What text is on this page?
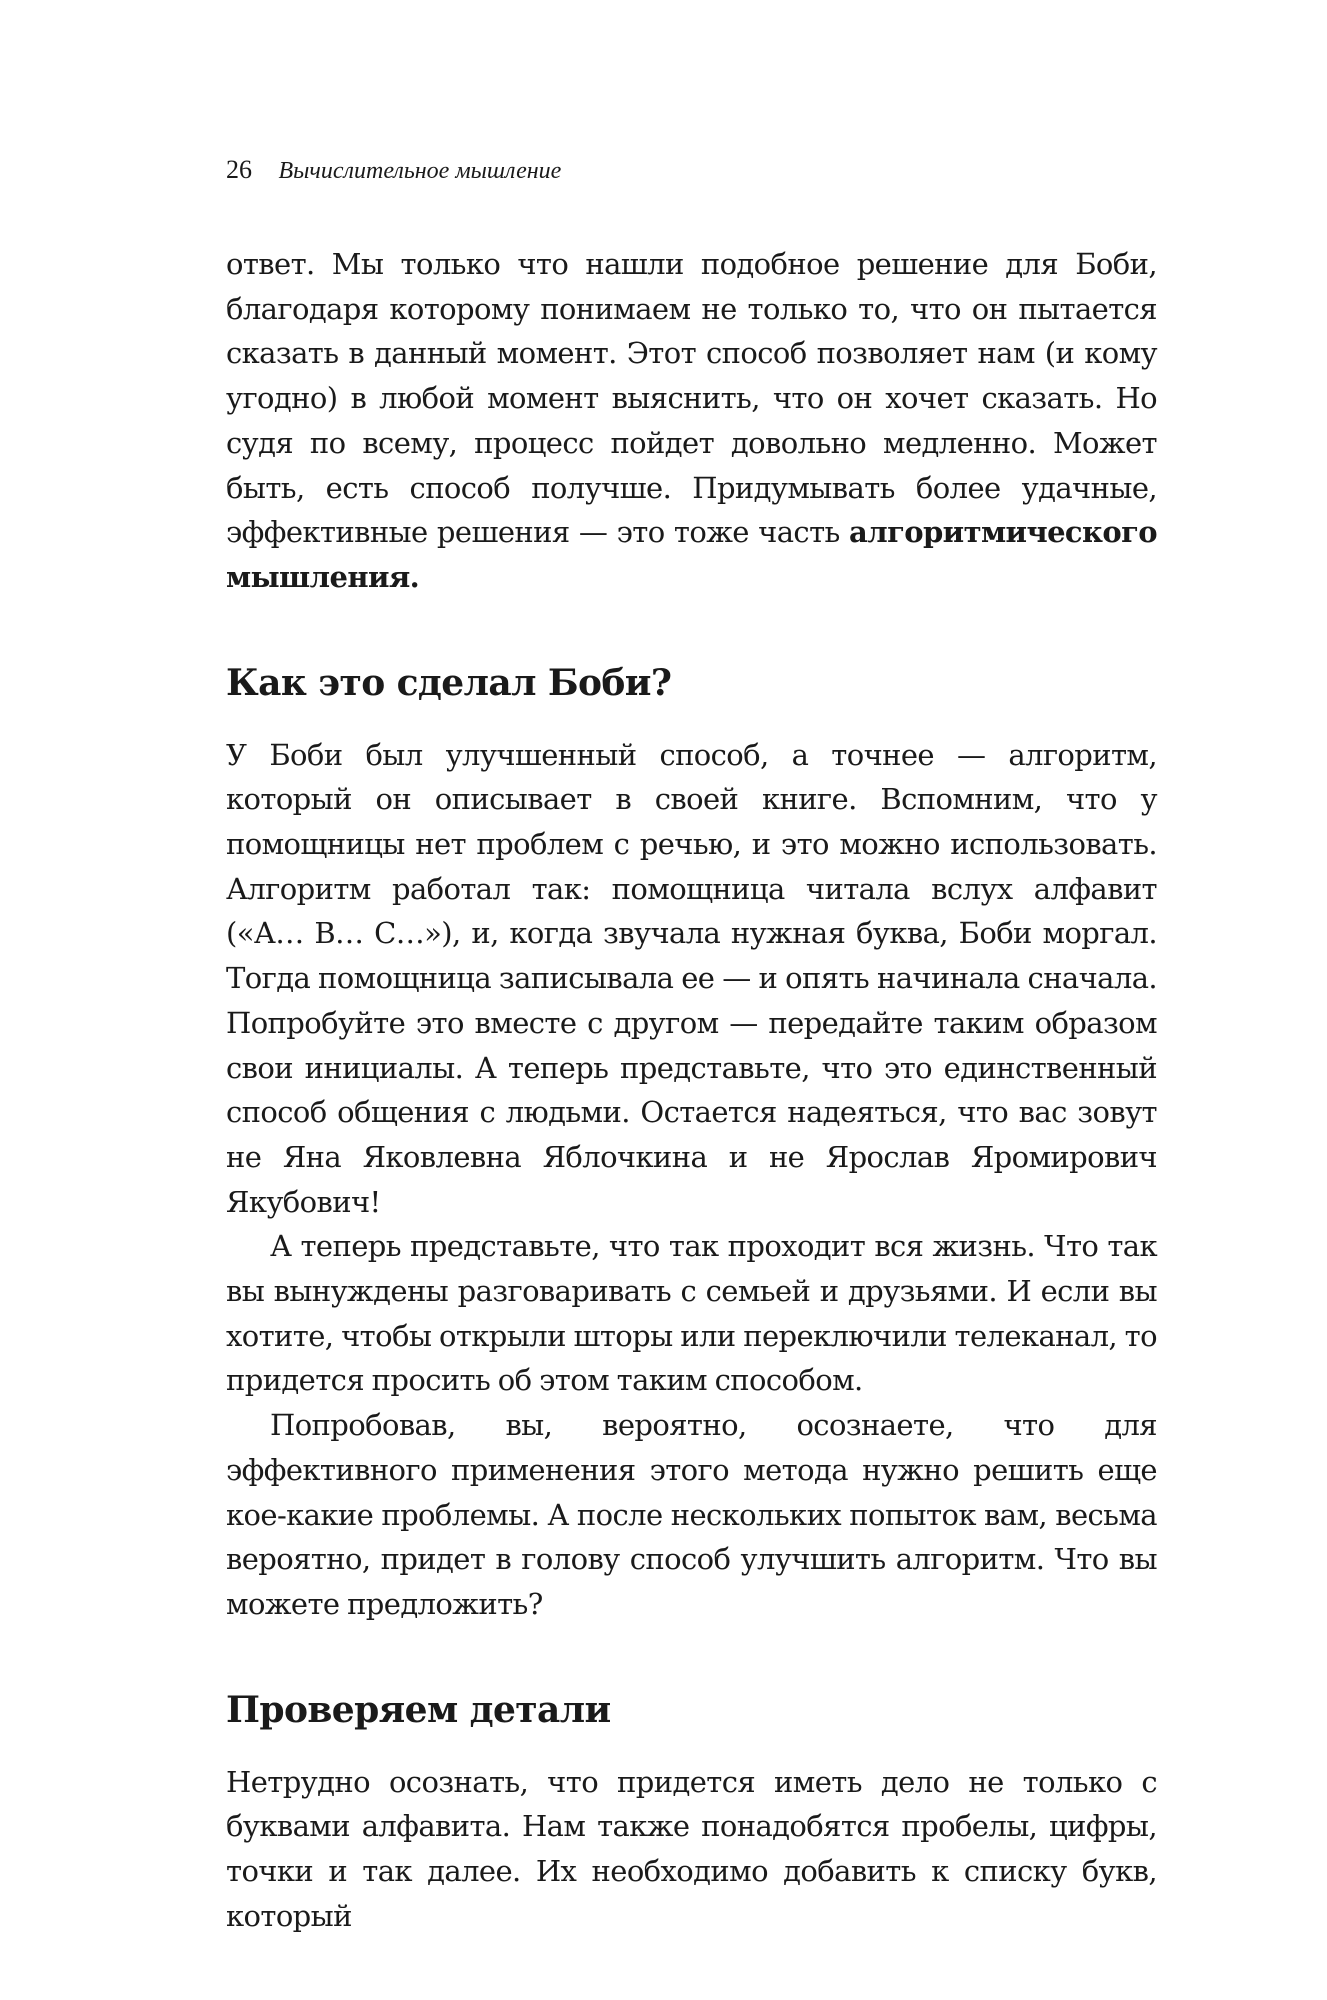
26 Вычислительное мышление

ответ. Мы только что нашли подобное решение для Боби, благодаря которому понимаем не только то, что он пытается сказать в данный момент. Этот способ позволяет нам (и кому угодно) в любой момент выяснить, что он хочет сказать. Но судя по всему, процесс пойдет довольно медленно. Может быть, есть способ получше. Придумывать более удачные, эффективные решения — это тоже часть алгоритмического мышления.

Как это сделал Боби?

У Боби был улучшенный способ, а точнее — алгоритм, который он описывает в своей книге. Вспомним, что у помощницы нет проблем с речью, и это можно использовать. Алгоритм работал так: помощница читала вслух алфавит («А… В… С…»), и, когда звучала нужная буква, Боби моргал. Тогда помощница записывала ее — и опять начинала сначала. Попробуйте это вместе с другом — передайте таким образом свои инициалы. А теперь представьте, что это единственный способ общения с людьми. Остается надеяться, что вас зовут не Яна Яковлевна Яблочкина и не Ярослав Яромирович Якубович!

А теперь представьте, что так проходит вся жизнь. Что так вы вынуждены разговаривать с семьей и друзьями. И если вы хотите, чтобы открыли шторы или переключили телеканал, то придется просить об этом таким способом.

Попробовав, вы, вероятно, осознаете, что для эффективного применения этого метода нужно решить еще кое-какие проблемы. А после нескольких попыток вам, весьма вероятно, придет в голову способ улучшить алгоритм. Что вы можете предложить?

Проверяем детали

Нетрудно осознать, что придется иметь дело не только с буквами алфавита. Нам также понадобятся пробелы, цифры, точки и так далее. Их необходимо добавить к списку букв, который
